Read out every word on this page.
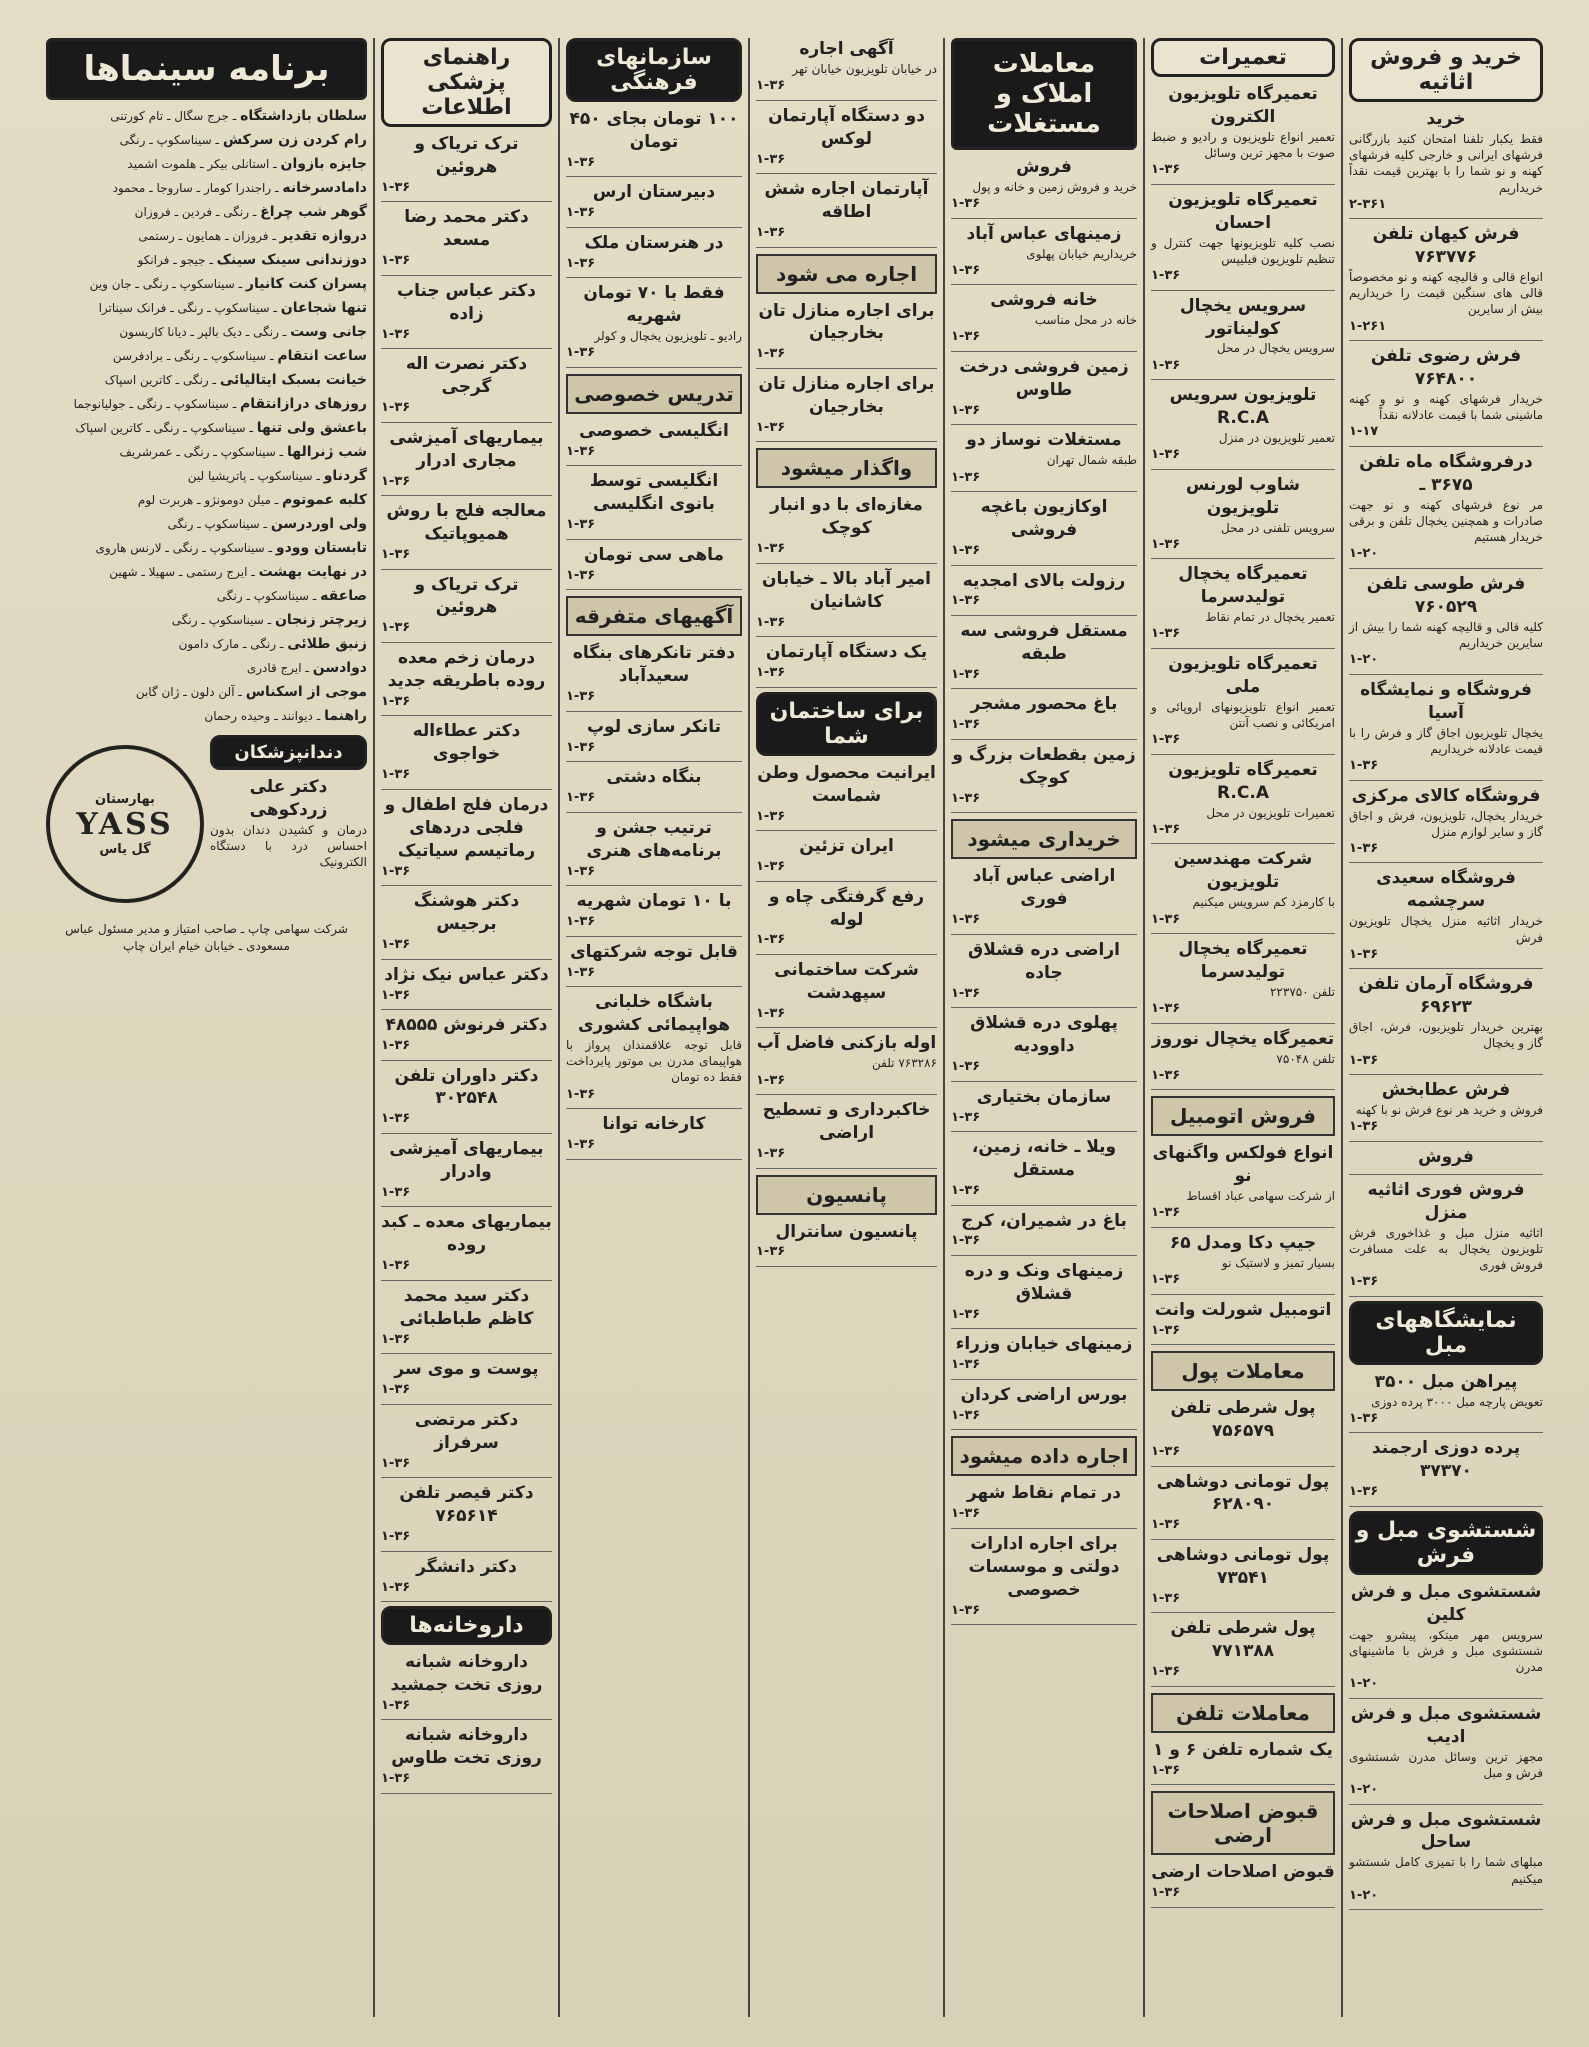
خرید و فروش اثاثیه
خرید
فقط یکبار تلفنا امتحان کنید بازرگانی فرشهای ایرانی و خارجی کلیه فرشهای کهنه و نو شما را با بهترین قیمت نقداً خریداریم
۲-۳۶۱
فرش کیهان تلفن ۷۶۳۷۷۶
انواع قالی و قالیچه کهنه و نو مخصوصاً قالی های سنگین قیمت را خریداریم بیش از سایرین
۱-۲۶۱
فرش رضوی تلفن ۷۶۴۸۰۰
خریدار فرشهای کهنه و نو و کهنه ماشینی شما با قیمت عادلانه نقداً
۱-۱۷
درفروشگاه ماه تلفن ۳۶۷۵ ـ
مر نوع فرشهای کهنه و نو جهت صادرات و همچنین یخچال تلفن و برقی خریدار هستیم
۱-۲۰
فرش طوسی تلفن ۷۶۰۵۲۹
کلیه قالی و قالیچه کهنه شما را بیش از سایرین خریداریم
۱-۲۰
فروشگاه و نمایشگاه آسیا
یخچال تلویزیون اجاق گاز و فرش را با قیمت عادلانه خریداریم
۱-۳۶
فروشگاه کالای مرکزی
خریدار یخچال، تلویزیون، فرش و اجاق گاز و سایر لوازم منزل
۱-۳۶
فروشگاه سعیدی سرچشمه
خریدار اثاثیه منزل یخچال تلویزیون فرش
۱-۳۶
فروشگاه آرمان تلفن ۶۹۶۲۳
بهترین خریدار تلویزیون، فرش، اجاق گاز و یخچال
۱-۳۶
فرش عطابخش
فروش و خرید هر نوع فرش نو با کهنه
۱-۳۶
فروش
فروش فوری اثاثیه منزل
اثاثیه منزل مبل و غذاخوری فرش تلویزیون یخچال به علت مسافرت فروش فوری
۱-۳۶
نمایشگاههای مبل
پیراهن مبل ۳۵۰۰
تعویض پارچه مبل ۳۰۰۰ پرده دوزی
۱-۳۶
پرده دوزی ارجمند ۳۷۳۷۰
۱-۳۶
شستشوی مبل و فرش
شستشوی مبل و فرش کلین
سرویس مهر میتکو، پیشرو جهت شستشوی مبل و فرش با ماشینهای مدرن
۱-۲۰
شستشوی مبل و فرش ادیب
مجهز ترین وسائل مدرن شستشوی فرش و مبل
۱-۲۰
شستشوی مبل و فرش ساحل
مبلهای شما را با تمیزی کامل شستشو میکنیم
۱-۲۰
تعمیرات
تعمیرگاه تلویزیون الکترون
تعمیر انواع تلویزیون و رادیو و ضبط صوت با مجهز ترین وسائل
۱-۳۶
تعمیرگاه تلویزیون احسان
نصب کلیه تلویزیونها جهت کنترل و تنظیم تلویزیون فیلیپس
۱-۳۶
سرویس یخچال کولیناتور
سرویس یخچال در محل
۱-۳۶
تلویزیون سرویس R.C.A
تعمیر تلویزیون در منزل
۱-۳۶
شاوب لورنس تلویزیون
سرویس تلفنی در محل
۱-۳۶
تعمیرگاه یخچال تولیدسرما
تعمیر یخچال در تمام نقاط
۱-۳۶
تعمیرگاه تلویزیون ملی
تعمیر انواع تلویزیونهای اروپائی و امریکائی و نصب آنتن
۱-۳۶
تعمیرگاه تلویزیون R.C.A
تعمیرات تلویزیون در محل
۱-۳۶
شرکت مهندسین تلویزیون
با کارمزد کم سرویس میکنیم
۱-۳۶
تعمیرگاه یخچال تولیدسرما
تلفن ۲۲۳۷۵۰
۱-۳۶
تعمیرگاه یخچال نوروز
تلفن ۷۵۰۴۸
۱-۳۶
فروش اتومبیل
انواع فولکس واگنهای نو
از شرکت سهامی عباد اقساط
۱-۳۶
جیپ دکا ومدل ۶۵
بسیار تمیز و لاستیک نو
۱-۳۶
اتومبیل شورلت وانت
۱-۳۶
معاملات پول
پول شرطی تلفن ۷۵۶۵۷۹
۱-۳۶
پول تومانی دوشاهی ۶۲۸۰۹۰
۱-۳۶
پول تومانی دوشاهی ۷۳۵۴۱
۱-۳۶
پول شرطی تلفن ۷۷۱۳۸۸
۱-۳۶
معاملات تلفن
یک شماره تلفن ۶ و ۱
۱-۳۶
قبوض اصلاحات ارضی
قبوض اصلاحات ارضی
۱-۳۶
معاملات املاک و مستغلات
فروش
خرید و فروش زمین و خانه و پول
۱-۳۶
زمینهای عباس آباد
خریداریم خیابان پهلوی
۱-۳۶
خانه فروشی
خانه در محل مناسب
۱-۳۶
زمین فروشی درخت طاوس
۱-۳۶
مستغلات نوساز دو
طبقه شمال تهران
۱-۳۶
اوکازیون باغچه فروشی
۱-۳۶
رزولت بالای امجدیه
۱-۳۶
مستقل فروشی سه طبقه
۱-۳۶
باغ محصور مشجر
۱-۳۶
زمین بقطعات بزرگ و کوچک
۱-۳۶
خریداری میشود
اراضی عباس آباد فوری
۱-۳۶
اراضی دره قشلاق جاده
۱-۳۶
پهلوی دره قشلاق داوودیه
۱-۳۶
سازمان بختیاری
۱-۳۶
ویلا ـ خانه، زمین، مستقل
۱-۳۶
باغ در شمیران، کرج
۱-۳۶
زمینهای ونک و دره قشلاق
۱-۳۶
زمینهای خیابان وزراء
۱-۳۶
بورس اراضی کردان
۱-۳۶
اجاره داده میشود
در تمام نقاط شهر
۱-۳۶
برای اجاره ادارات دولتی و موسسات خصوصی
۱-۳۶
آگهی اجاره
در خیابان تلویزیون خیابان تهر
۱-۳۶
دو دستگاه آپارتمان لوکس
۱-۳۶
آپارتمان اجاره شش اطاقه
۱-۳۶
اجاره می شود
برای اجاره منازل تان بخارجیان
۱-۳۶
برای اجاره منازل تان بخارجیان
۱-۳۶
واگذار میشود
مغازه‌ای با دو انبار کوچک
۱-۳۶
امیر آباد بالا ـ خیابان کاشانیان
۱-۳۶
یک دستگاه آپارتمان
۱-۳۶
برای ساختمان شما
ایرانیت محصول وطن شماست
۱-۳۶
ایران تزئین
۱-۳۶
رفع گرفتگی چاه و لوله
۱-۳۶
شرکت ساختمانی سپهدشت
۱-۳۶
اوله بازکنی فاضل آب
۷۶۳۲۸۶ تلفن
۱-۳۶
خاکبرداری و تسطیح اراضی
۱-۳۶
پانسیون
پانسیون سانترال
۱-۳۶
سازمانهای فرهنگی
۱۰۰ تومان بجای ۴۵۰ تومان
۱-۳۶
دبیرستان ارس
۱-۳۶
در هنرستان ملک
۱-۳۶
فقط با ۷۰ تومان شهریه
رادیو ـ تلویزیون یخچال و کولر
۱-۳۶
تدریس خصوصی
انگلیسی خصوصی
۱-۳۶
انگلیسی توسط بانوی انگلیسی
۱-۳۶
ماهی سی تومان
۱-۳۶
آگهیهای متفرقه
دفتر تانکرهای بنگاه سعیدآباد
۱-۳۶
تانکر سازی لوپ
۱-۳۶
بنگاه دشتی
۱-۳۶
ترتیب جشن و برنامه‌های هنری
۱-۳۶
با ۱۰ تومان شهریه
۱-۳۶
قابل توجه شرکتهای
۱-۳۶
باشگاه خلبانی هواپیمائی کشوری
قابل توجه علاقمندان پرواز با هواپیمای مدرن بی موتور پایرداخت فقط ده تومان
۱-۳۶
کارخانه توانا
۱-۳۶
راهنمای پزشکی اطلاعات
ترک تریاک و هروئین
۱-۳۶
دکتر محمد رضا مسعد
۱-۳۶
دکتر عباس جناب زاده
۱-۳۶
دکتر نصرت اله گرجی
۱-۳۶
بیماریهای آمیزشی مجاری ادرار
۱-۳۶
معالجه فلج با روش همیوپاتیک
۱-۳۶
ترک تریاک و هروئین
۱-۳۶
درمان زخم معده روده باطریقه جدید
۱-۳۶
دکتر عطاءاله خواجوی
۱-۳۶
درمان فلج اطفال و فلجی دردهای رماتیسم سیاتیک
۱-۳۶
دکتر هوشنگ برجیس
۱-۳۶
دکتر عباس نیک نژاد
۱-۳۶
دکتر فرنوش ۴۸۵۵۵
۱-۳۶
دکتر داوران تلفن ۳۰۲۵۴۸
۱-۳۶
بیماریهای آمیزشی وادرار
۱-۳۶
بیماریهای معده ـ کبد روده
۱-۳۶
دکتر سید محمد کاظم طباطبائی
۱-۳۶
پوست و موی سر
۱-۳۶
دکتر مرتضی سرفراز
۱-۳۶
دکتر قیصر تلفن ۷۶۵۶۱۴
۱-۳۶
دکتر دانشگر
۱-۳۶
داروخانه‌ها
داروخانه شبانه روزی تخت جمشید
۱-۳۶
داروخانه شبانه روزی تخت طاوس
۱-۳۶
برنامه سینماها
سلطان بازداشتگاه ـ جرج سگال ـ تام کورتنی
رام کردن زن سرکش ـ سیناسکوپ ـ رنگی
جایزه بازوان ـ استانلی بیکر ـ هلموت اشمید
دامادسرخانه ـ راجندرا کومار ـ ساروجا ـ محمود
گوهر شب چراغ ـ رنگی ـ فردین ـ فروزان
دروازه تقدیر ـ فروزان ـ همایون ـ رستمی
دوزندانی سینک سینک ـ جیجو ـ فرانکو
پسران کنت کانیار ـ سیناسکوپ ـ رنگی ـ جان وین
تنها شجاعان ـ سیناسکوپ ـ رنگی ـ فرانک سیناترا
جانی وست ـ رنگی ـ دیک بالپر ـ دیانا کاریسون
ساعت انتقام ـ سیناسکوپ ـ رنگی ـ برادفرسن
خیانت بسبک ایتالیائی ـ رنگی ـ کاترین اسپاک
روزهای درازانتقام ـ سیناسکوپ ـ رنگی ـ جولیانوجما
باعشق ولی تنها ـ سیناسکوپ ـ رنگی ـ کاترین اسپاک
شب ژنرالها ـ سیناسکوپ ـ رنگی ـ عمرشریف
گردناو ـ سیناسکوپ ـ پاتریشیا لین
کلبه عموتوم ـ میلن دومونژو ـ هربرت لوم
ولی اوردرسن ـ سیناسکوپ ـ رنگی
تابستان وودو ـ سیناسکوپ ـ رنگی ـ لارنس هاروی
در نهایت بهشت ـ ایرج رستمی ـ سهیلا ـ شهین
صاعقه ـ سیناسکوپ ـ رنگی
زیرچتر زنجان ـ سیناسکوپ ـ رنگی
زنبق طلائی ـ رنگی ـ مارک دامون
دوادسن ـ ایرج قادری
موجی از اسکناس ـ آلن دلون ـ ژان گابن
راهنما ـ دیوانند ـ وحیده رحمان
دندانپزشکان
دکتر علی زردکوهی
درمان و کشیدن دندان بدون احساس درد با دستگاه الکترونیک
بهارستان
YASS
گل یاس
شرکت سهامی چاپ ـ صاحب امتیاز و مدیر مسئول عباس مسعودی ـ خیابان خیام ایران چاپ
